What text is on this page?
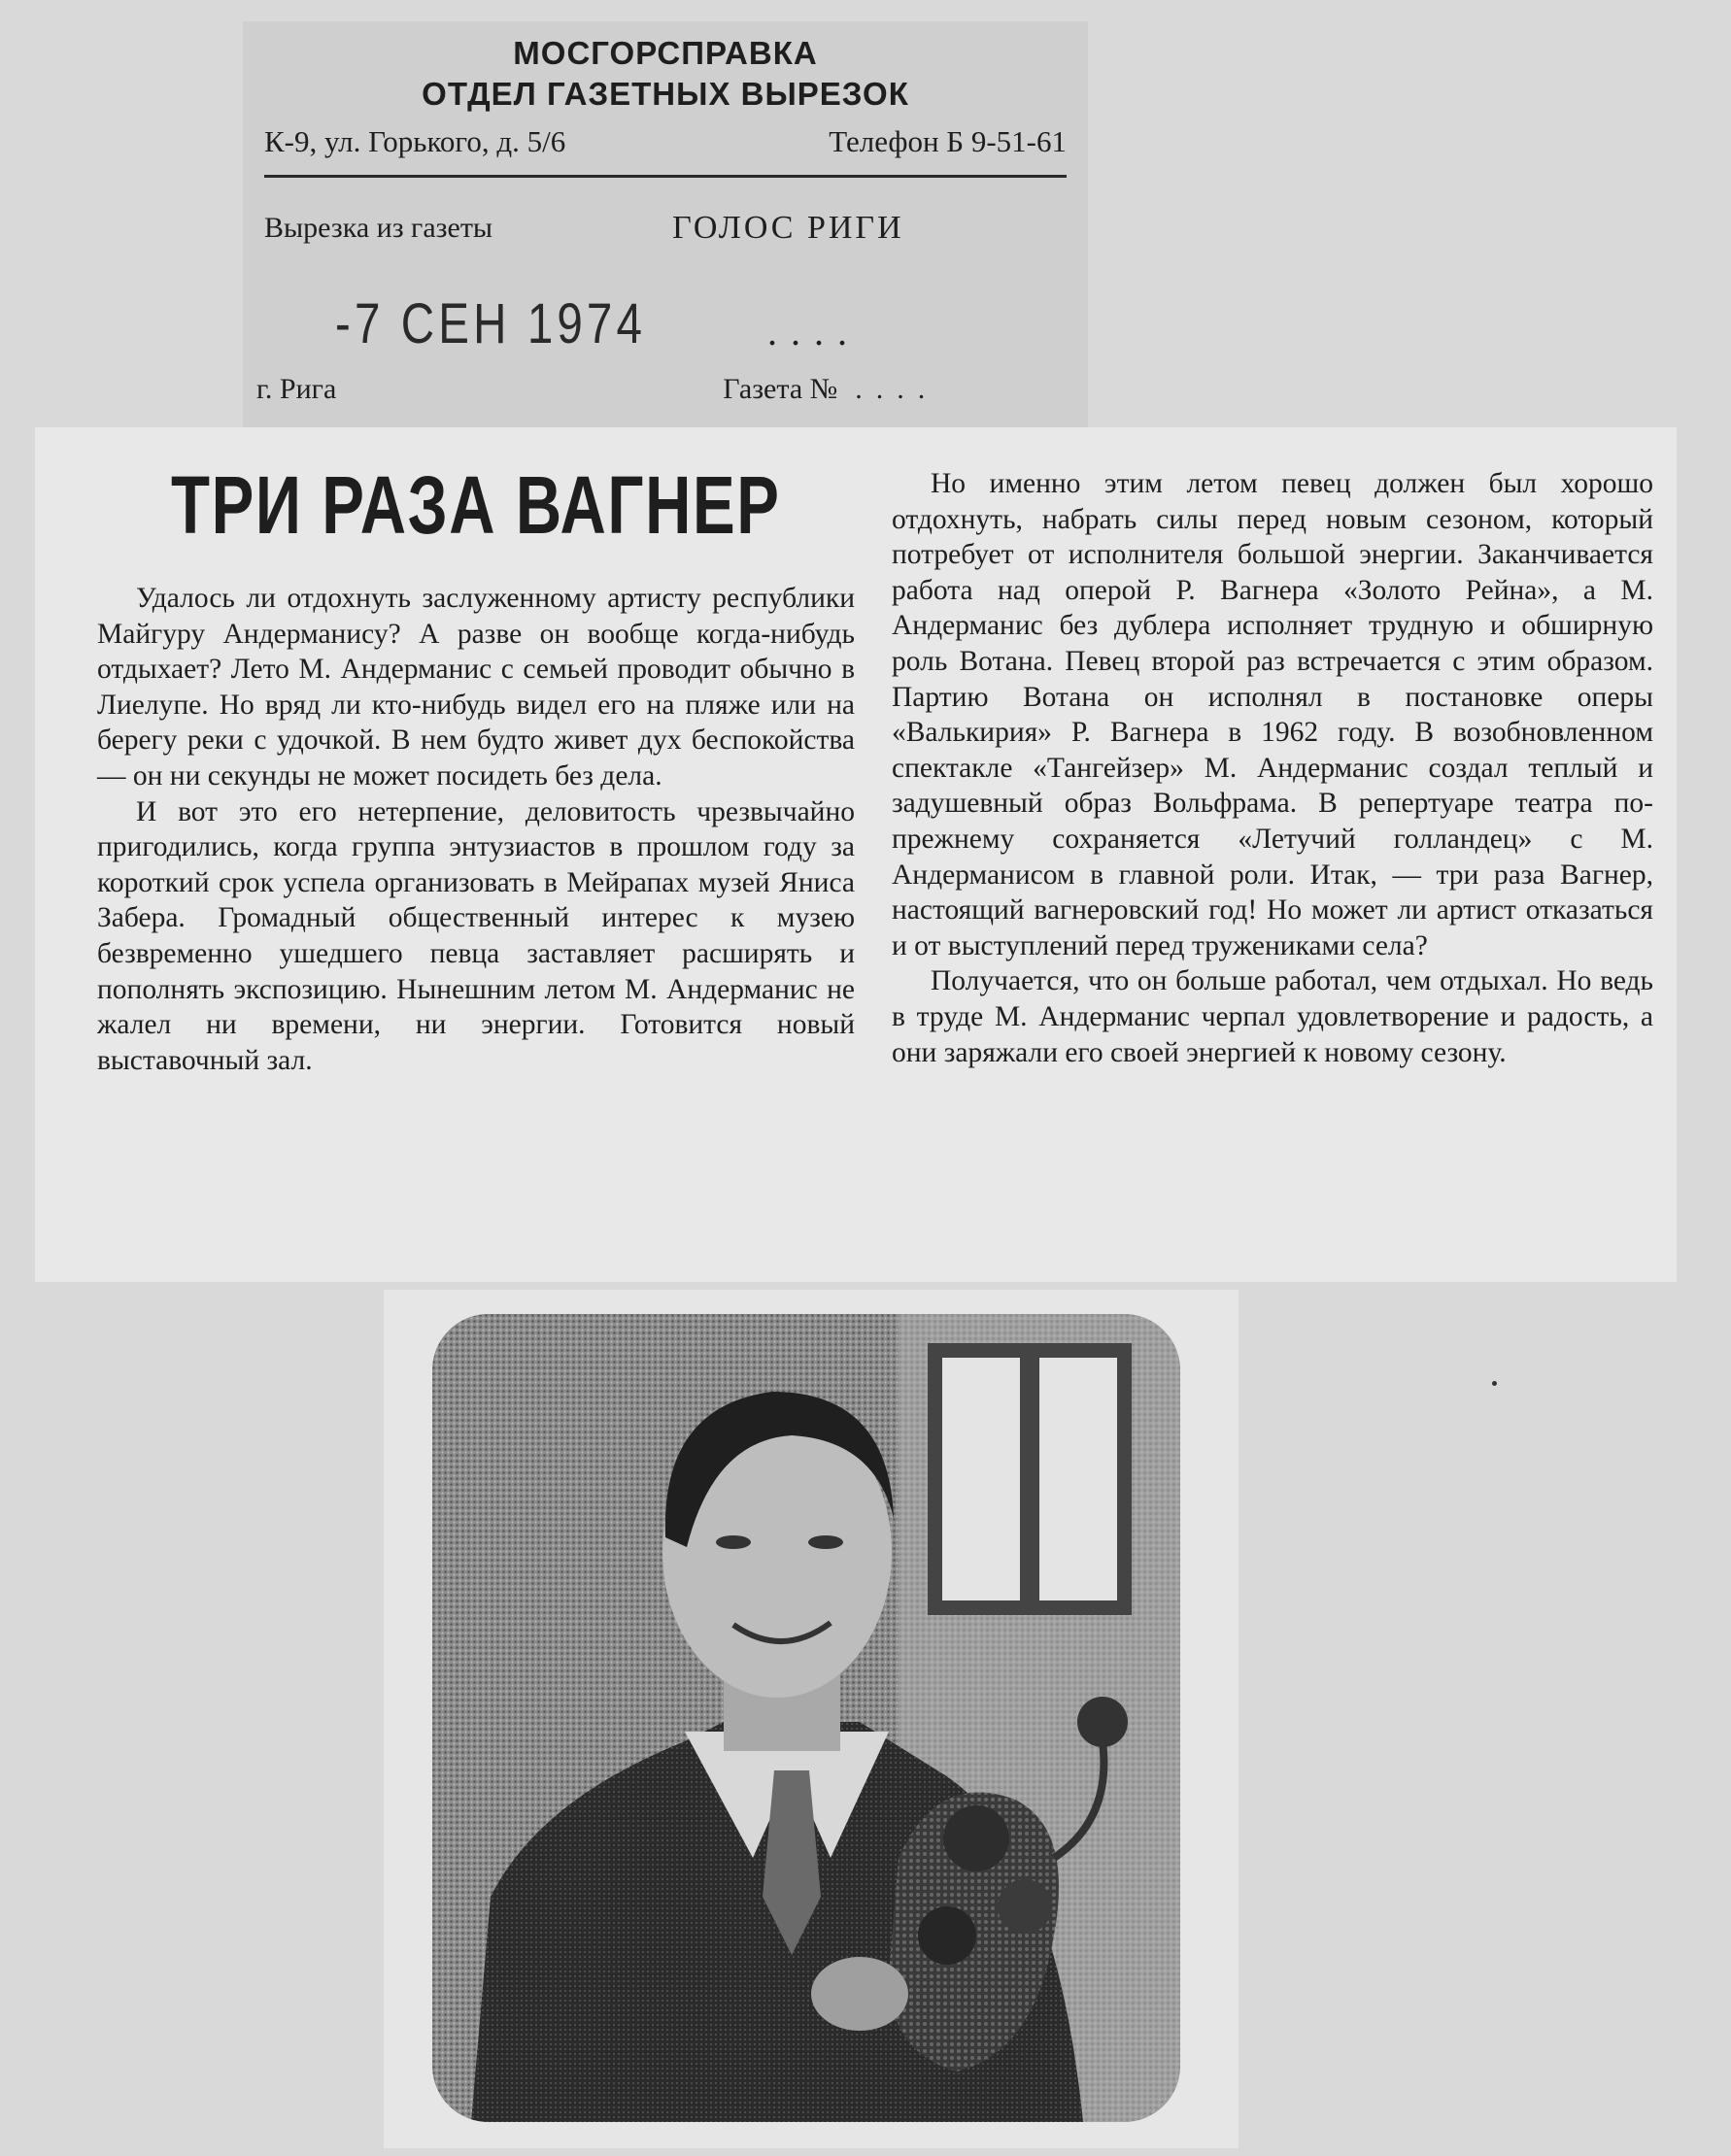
МОСГОРСПРАВКА
ОТДЕЛ ГАЗЕТНЫХ ВЫРЕЗОК
К-9, ул. Горького, д. 5/6	Телефон Б 9-51-61
Вырезка из газеты	ГОЛОС РИГИ
-7 СЕН 1974	....
г. Рига	Газета № ....
ТРИ РАЗА ВАГНЕР

Удалось ли отдохнуть заслуженному артисту республики Майгуру Андерманису? А разве он вообще когда-нибудь отдыхает? Лето М. Андерманис с семьей проводит обычно в Лиелупе. Но вряд ли кто-нибудь видел его на пляже или на берегу реки с удочкой. В нем будто живет дух беспокойства — он ни секунды не может посидеть без дела.

И вот это его нетерпение, деловитость чрезвычайно пригодились, когда группа энтузиастов в прошлом году за короткий срок успела организовать в Мейрапах музей Яниса Забера. Громадный общественный интерес к музею безвременно ушедшего певца заставляет расширять и пополнять экспозицию. Нынешним летом М. Андерманис не жалел ни времени, ни энергии. Готовится новый выставочный зал.

Но именно этим летом певец должен был хорошо отдохнуть, набрать силы перед новым сезоном, который потребует от исполнителя большой энергии. Заканчивается работа над оперой Р. Вагнера «Золото Рейна», а М. Андерманис без дублера исполняет трудную и обширную роль Вотана. Певец второй раз встречается с этим образом. Партию Вотана он исполнял в постановке оперы «Валькирия» Р. Вагнера в 1962 году. В возобновленном спектакле «Тангейзер» М. Андерманис создал теплый и задушевный образ Вольфрама. В репертуаре театра по-прежнему сохраняется «Летучий голландец» с М. Андерманисом в главной роли. Итак, — три раза Вагнер, настоящий вагнеровский год! Но может ли артист отказаться и от выступлений перед тружениками села?

Получается, что он больше работал, чем отдыхал. Но ведь в труде М. Андерманис черпал удовлетворение и радость, а они заряжали его своей энергией к новому сезону.
